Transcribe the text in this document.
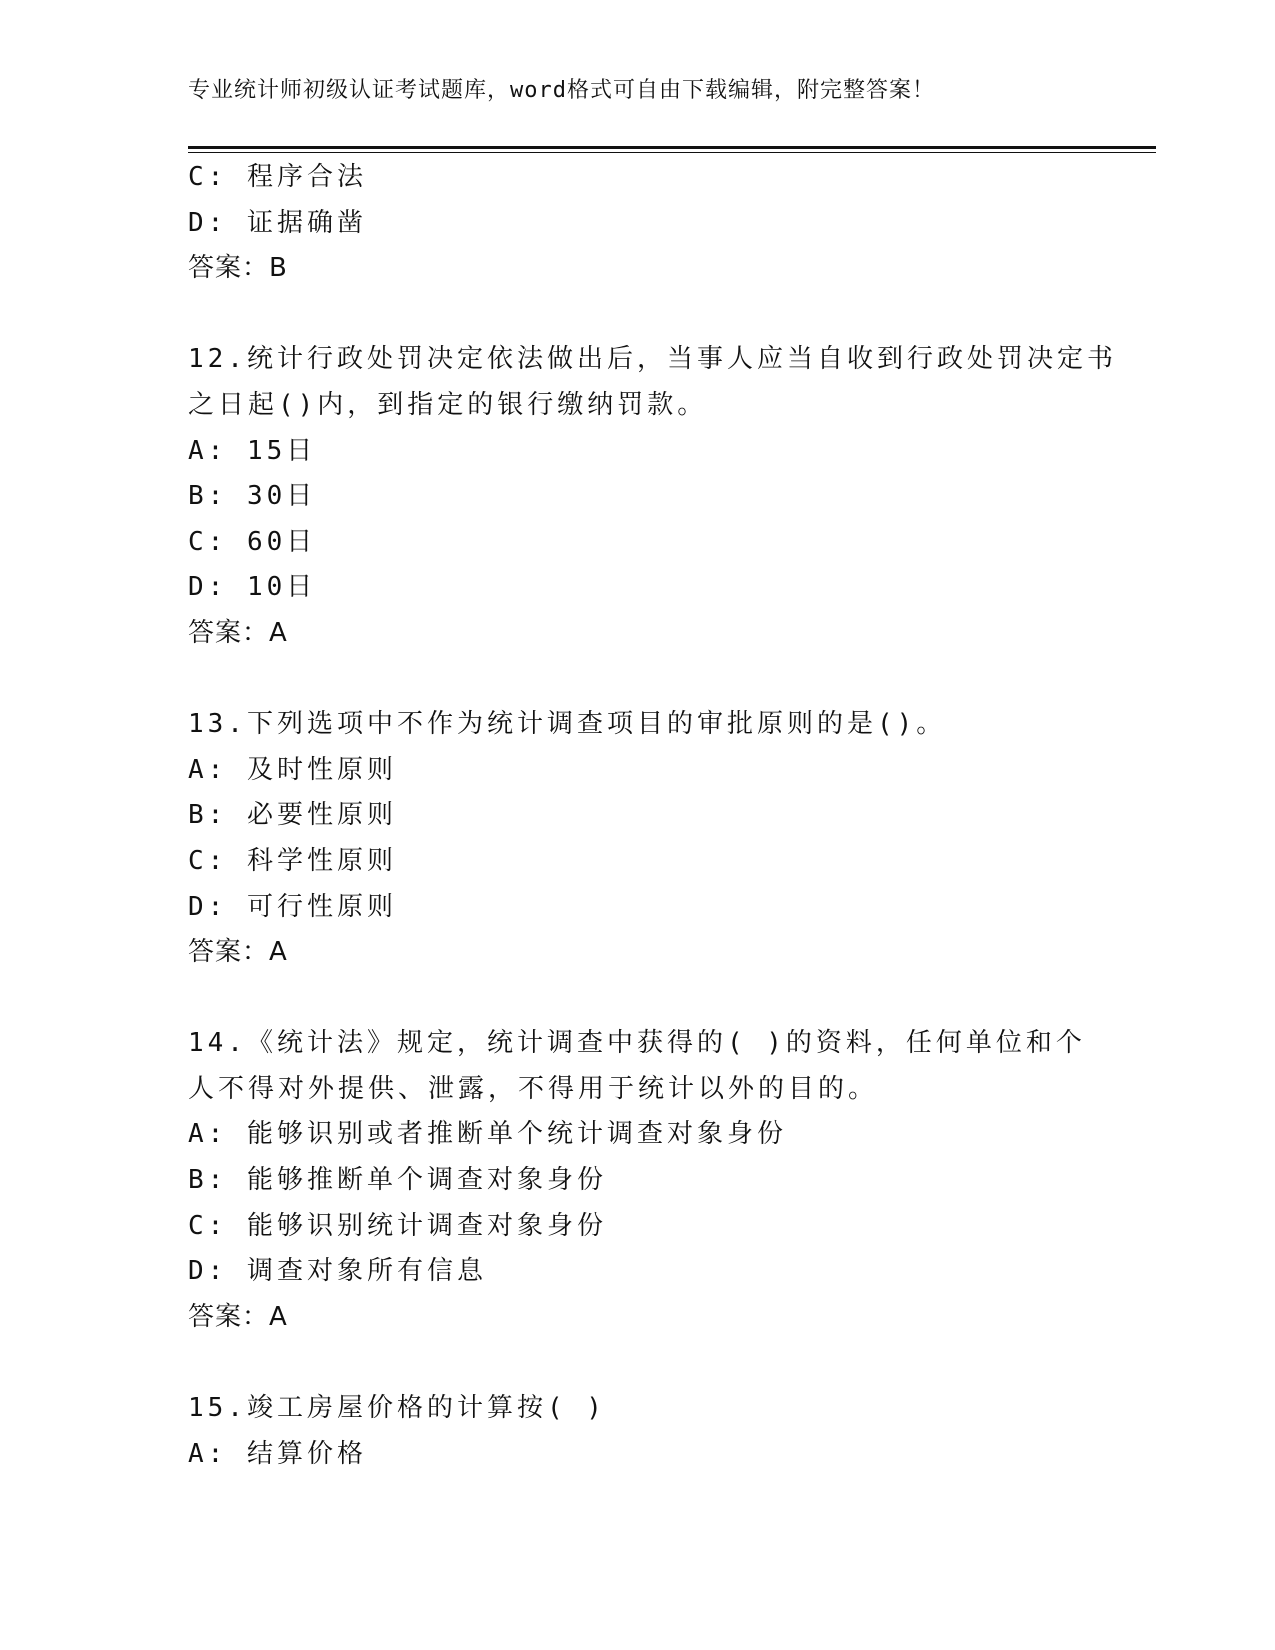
专业统计师初级认证考试题库，word格式可自由下载编辑，附完整答案！
C: 程序合法
D: 证据确凿
答案：B
12.统计行政处罚决定依法做出后，当事人应当自收到行政处罚决定书
之日起()内，到指定的银行缴纳罚款。
A: 15日
B: 30日
C: 60日
D: 10日
答案：A
13.下列选项中不作为统计调查项目的审批原则的是()。
A: 及时性原则
B: 必要性原则
C: 科学性原则
D: 可行性原则
答案：A
14.《统计法》规定，统计调查中获得的( )的资料，任何单位和个
人不得对外提供、泄露，不得用于统计以外的目的。
A: 能够识别或者推断单个统计调查对象身份
B: 能够推断单个调查对象身份
C: 能够识别统计调查对象身份
D: 调查对象所有信息
答案：A
15.竣工房屋价格的计算按( )
A: 结算价格
